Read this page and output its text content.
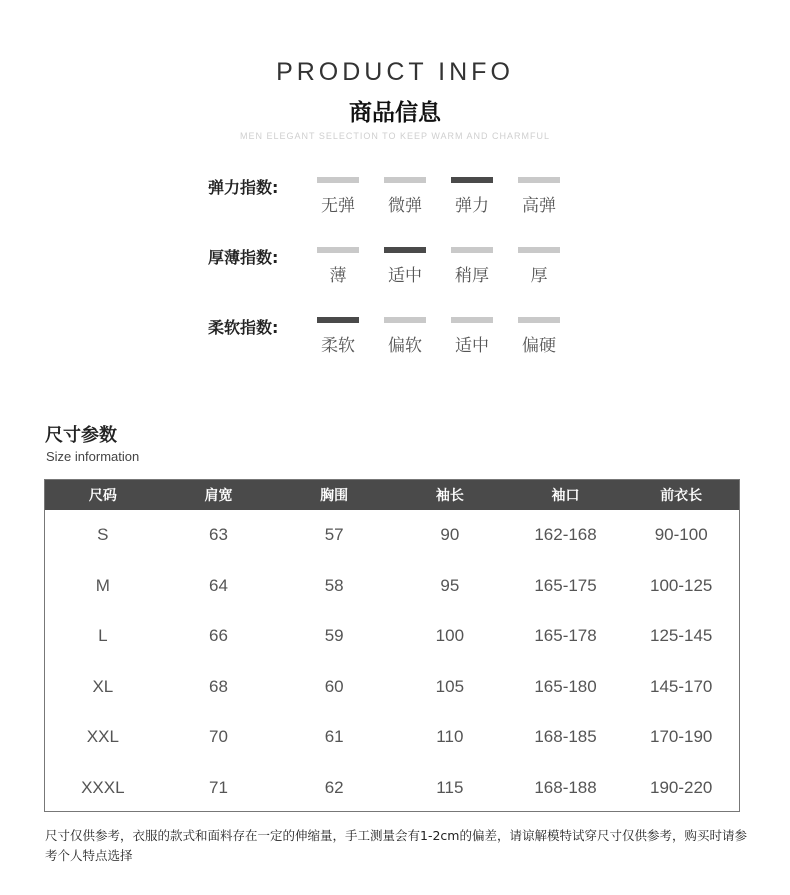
PRODUCT INFO
商品信息
MEN ELEGANT SELECTION TO KEEP WARM AND CHARMFUL
弹力指数:
无弹	微弹	弹力	高弹
厚薄指数:
薄	适中	稍厚	厚
柔软指数:
柔软	偏软	适中	偏硬
尺寸参数
Size information
尺码	肩宽	胸围	袖长	袖口	前衣长
S	63	57	90	162-168	90-100
M	64	58	95	165-175	100-125
L	66	59	100	165-178	125-145
XL	68	60	105	165-180	145-170
XXL	70	61	110	168-185	170-190
XXXL	71	62	115	168-188	190-220
尺寸仅供参考，衣服的款式和面料存在一定的伸缩量，手工测量会有1-2cm的偏差，请谅解模特试穿尺寸仅供参考，购买时请参考个人特点选择
